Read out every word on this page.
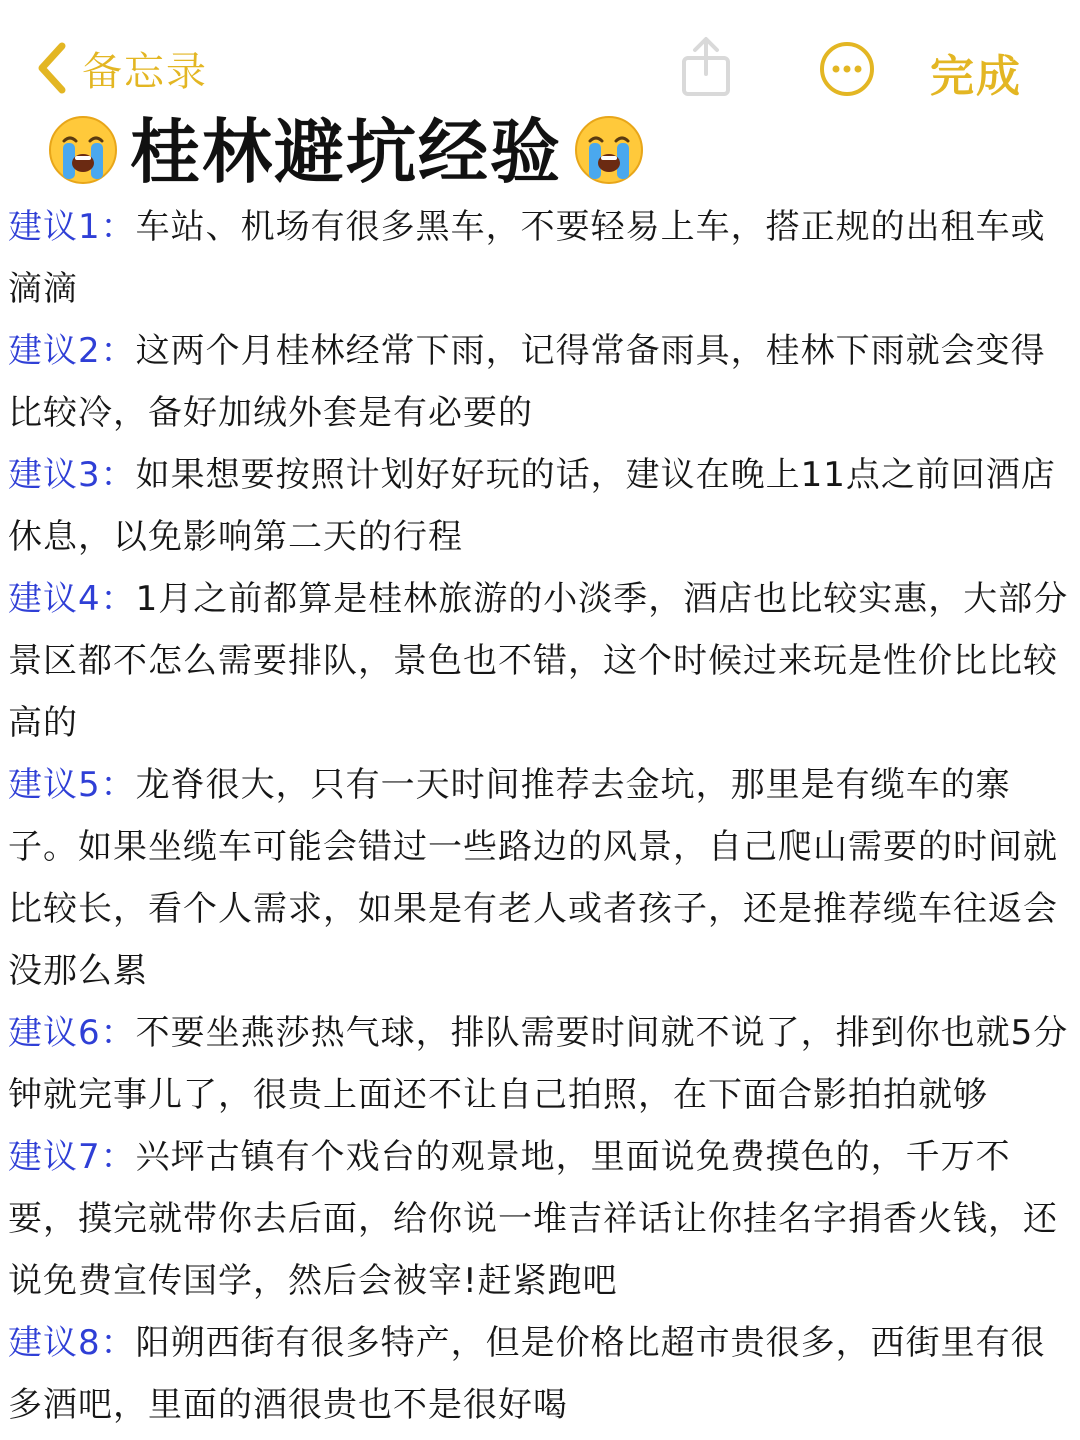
备忘录	完成
桂林避坑经验

建议1：车站、机场有很多黑车，不要轻易上车，搭正规的出租车或滴滴

建议2：这两个月桂林经常下雨，记得常备雨具，桂林下雨就会变得比较冷，备好加绒外套是有必要的

建议3：如果想要按照计划好好玩的话，建议在晚上11点之前回酒店休息，以免影响第二天的行程

建议4：1月之前都算是桂林旅游的小淡季，酒店也比较实惠，大部分景区都不怎么需要排队，景色也不错，这个时候过来玩是性价比比较高的

建议5：龙脊很大，只有一天时间推荐去金坑，那里是有缆车的寨子。如果坐缆车可能会错过一些路边的风景，自己爬山需要的时间就比较长，看个人需求，如果是有老人或者孩子，还是推荐缆车往返会没那么累

建议6：不要坐燕莎热气球，排队需要时间就不说了，排到你也就5分钟就完事儿了，很贵上面还不让自己拍照，在下面合影拍拍就够

建议7：兴坪古镇有个戏台的观景地，里面说免费摸色的，千万不要，摸完就带你去后面，给你说一堆吉祥话让你挂名字捐香火钱，还说免费宣传国学，然后会被宰!赶紧跑吧

建议8：阳朔西街有很多特产，但是价格比超市贵很多，西街里有很多酒吧，里面的酒很贵也不是很好喝
